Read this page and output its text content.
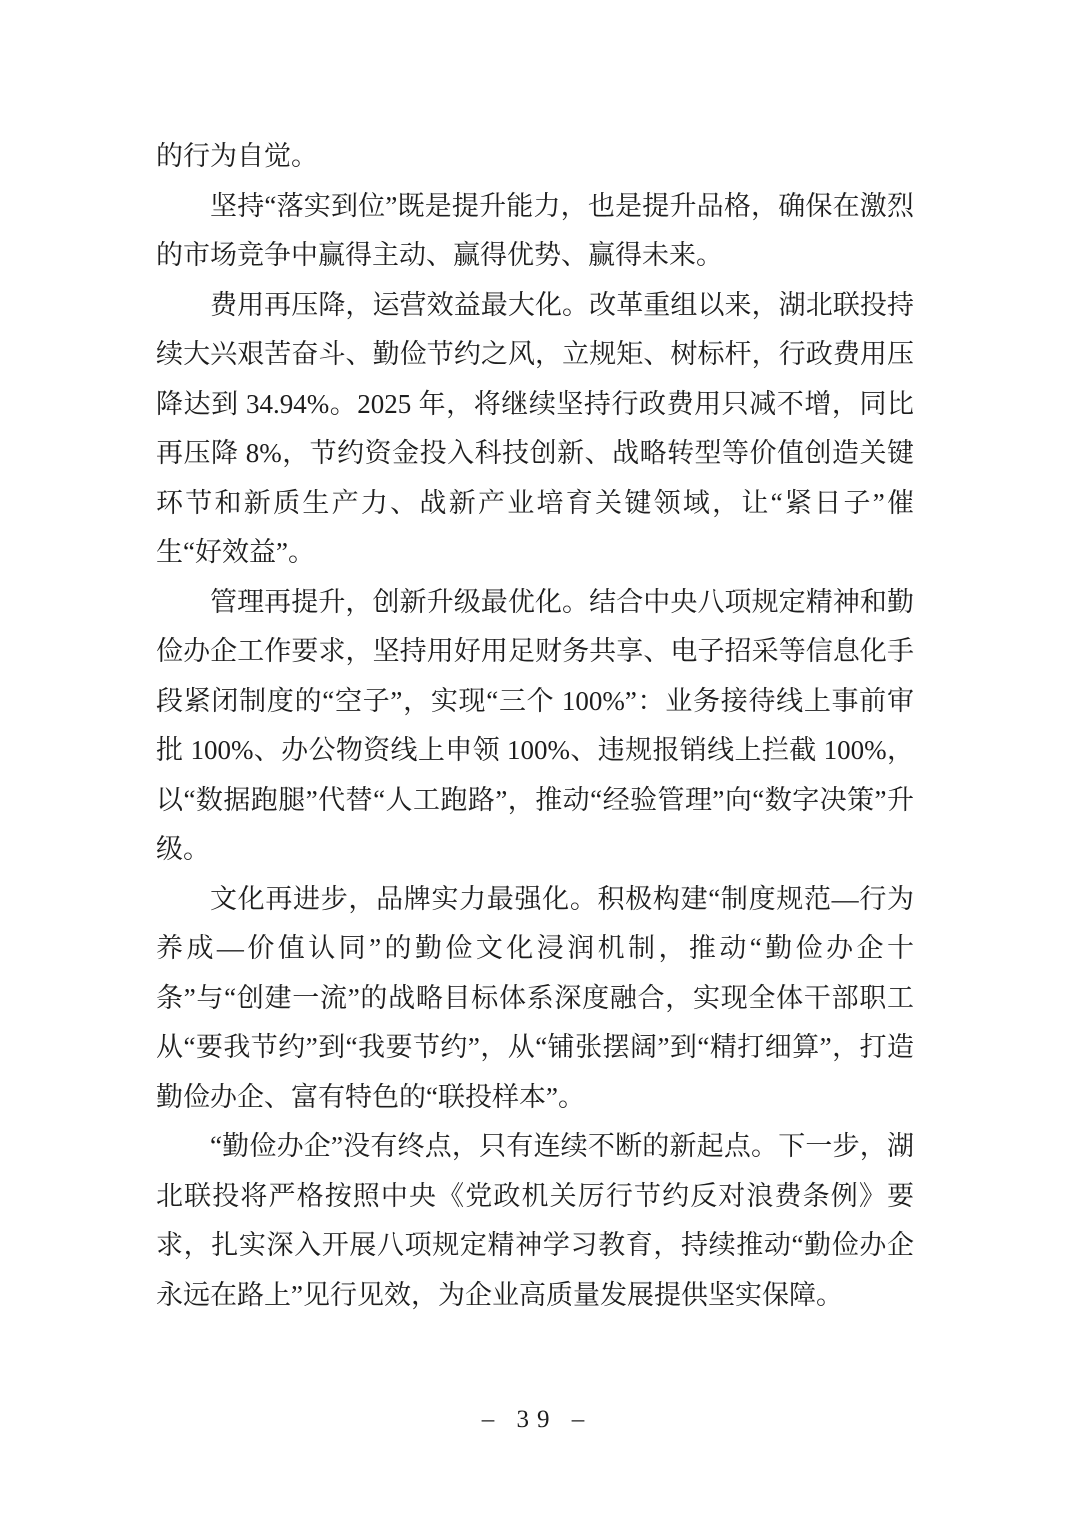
的行为自觉。

坚持“落实到位”既是提升能力，也是提升品格，确保在激烈的市场竞争中赢得主动、赢得优势、赢得未来。

费用再压降，运营效益最大化。改革重组以来，湖北联投持续大兴艰苦奋斗、勤俭节约之风，立规矩、树标杆，行政费用压降达到 34.94%。2025 年，将继续坚持行政费用只减不增，同比再压降 8%，节约资金投入科技创新、战略转型等价值创造关键环节和新质生产力、战新产业培育关键领域，让“紧日子”催生“好效益”。

管理再提升，创新升级最优化。结合中央八项规定精神和勤俭办企工作要求，坚持用好用足财务共享、电子招采等信息化手段紧闭制度的“空子”，实现“三个 100%”：业务接待线上事前审批 100%、办公物资线上申领 100%、违规报销线上拦截 100%，以“数据跑腿”代替“人工跑路”，推动“经验管理”向“数字决策”升级。

文化再进步，品牌实力最强化。积极构建“制度规范—行为养成—价值认同”的勤俭文化浸润机制，推动“勤俭办企十条”与“创建一流”的战略目标体系深度融合，实现全体干部职工从“要我节约”到“我要节约”，从“铺张摆阔”到“精打细算”，打造勤俭办企、富有特色的“联投样本”。

“勤俭办企”没有终点，只有连续不断的新起点。下一步，湖北联投将严格按照中央《党政机关厉行节约反对浪费条例》要求，扎实深入开展八项规定精神学习教育，持续推动“勤俭办企永远在路上”见行见效，为企业高质量发展提供坚实保障。

– 39 –
